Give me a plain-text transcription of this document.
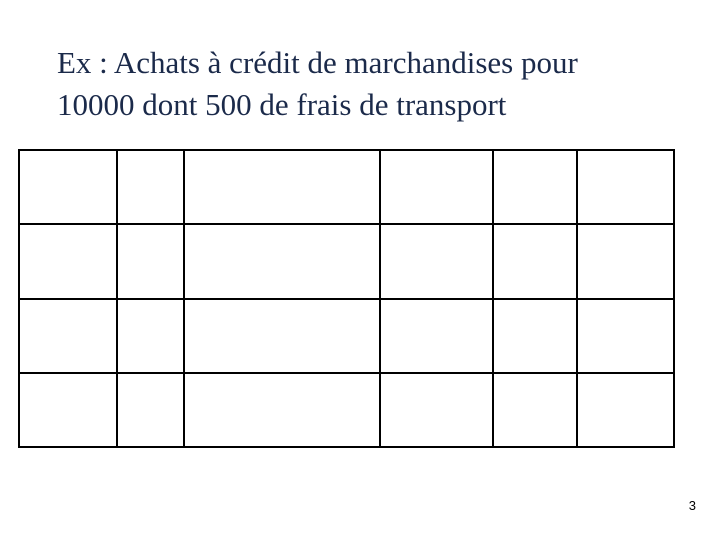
Ex : Achats à crédit de marchandises pour
10000 dont 500 de frais de transport

3
